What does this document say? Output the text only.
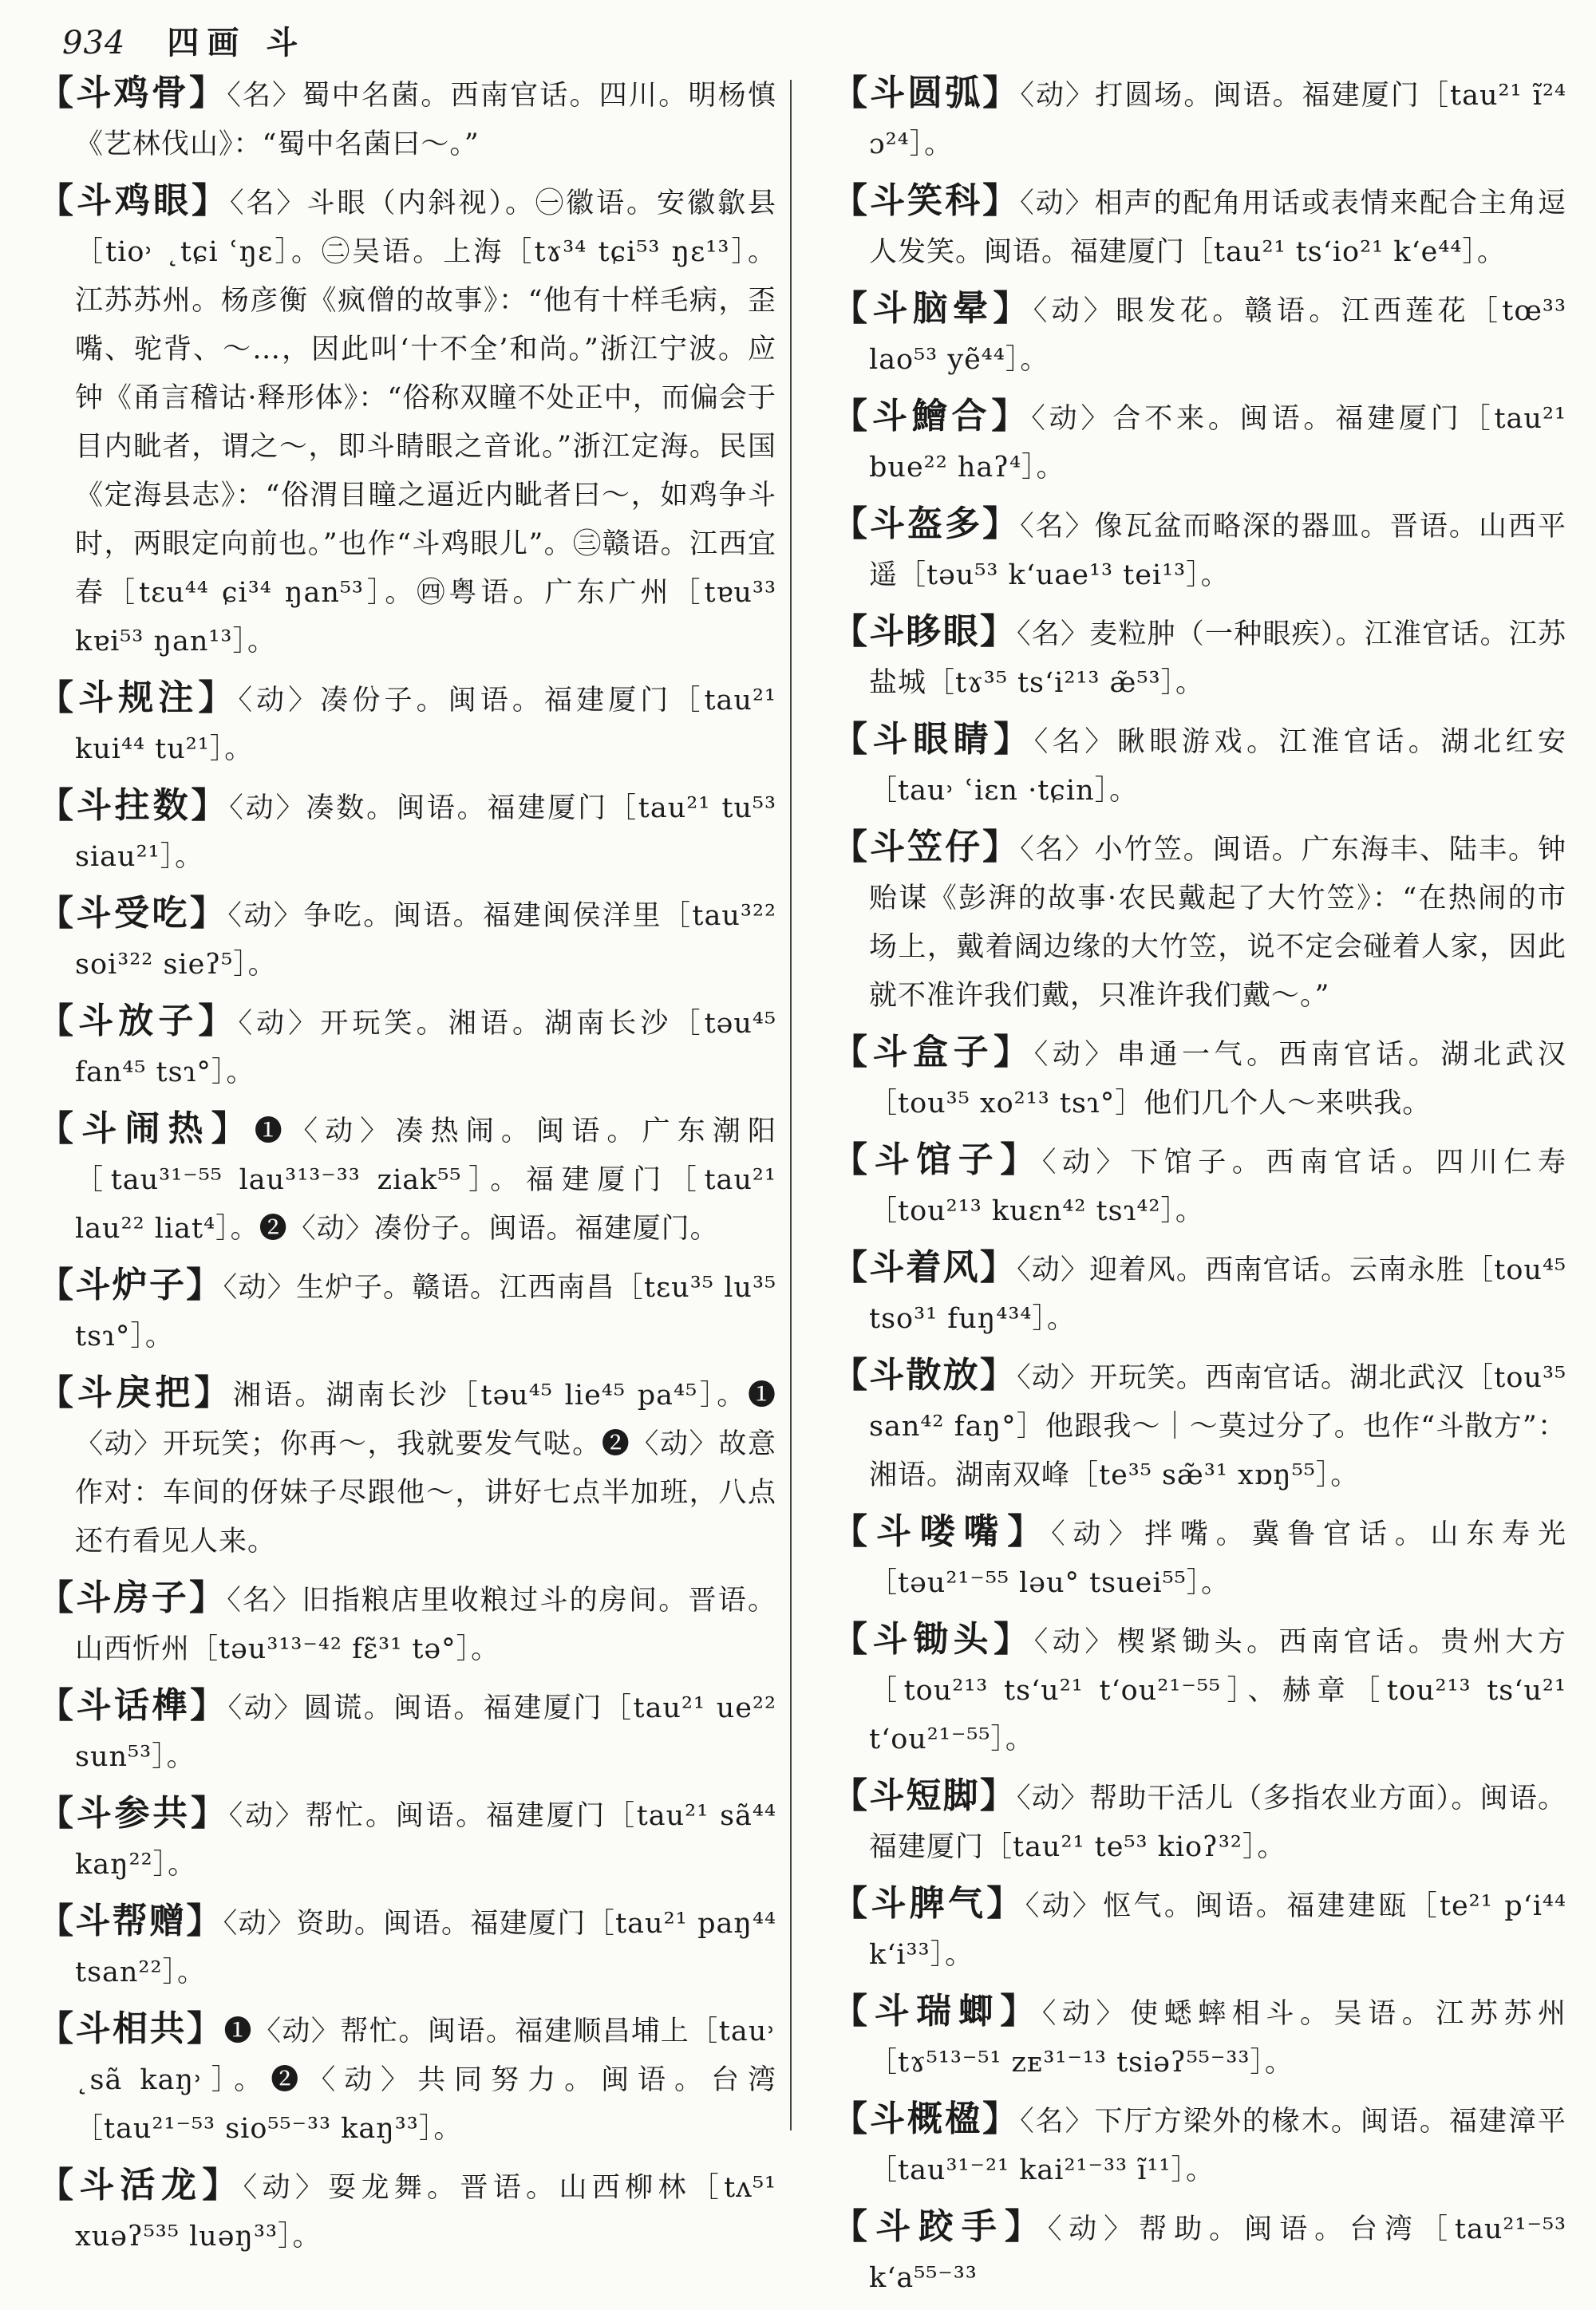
934 四画 斗

【斗鸡骨】〈名〉蜀中名菌。西南官话。四川。明杨慎《艺林伐山》：“蜀中名菌曰～。”

【斗鸡眼】〈名〉斗眼（内斜视）。㊀徽语。安徽歙县［tio˒ ˛tɕi ʿŋɛ］。㊁吴语。上海［tɤ³⁴ tɕi⁵³ ŋɛ¹³］。江苏苏州。杨彦衡《疯僧的故事》：“他有十样毛病，歪嘴、驼背、～…，因此叫‘十不全’和尚。”浙江宁波。应钟《甬言稽诂·释形体》：“俗称双瞳不处正中，而偏会于目内眦者，谓之～，即斗睛眼之音讹。”浙江定海。民国《定海县志》：“俗渭目瞳之逼近内眦者曰～，如鸡争斗时，两眼定向前也。”也作“斗鸡眼儿”。㊂赣语。江西宜春［tɛu⁴⁴ ɕi³⁴ ŋan⁵³］。㊃粤语。广东广州［tɐu³³ kɐi⁵³ ŋan¹³］。

【斗规注】〈动〉凑份子。闽语。福建厦门［tau²¹ kui⁴⁴ tu²¹］。

【斗拄数】〈动〉凑数。闽语。福建厦门［tau²¹ tu⁵³ siau²¹］。

【斗受吃】〈动〉争吃。闽语。福建闽侯洋里［tau³²² soi³²² sieʔ⁵］。

【斗放子】〈动〉开玩笑。湘语。湖南长沙［təu⁴⁵ fan⁴⁵ tsɿ°］。

【斗闹热】❶〈动〉凑热闹。闽语。广东潮阳［tau³¹⁻⁵⁵ lau³¹³⁻³³ ziak⁵⁵］。福建厦门［tau²¹ lau²² liat⁴］。❷〈动〉凑份子。闽语。福建厦门。

【斗炉子】〈动〉生炉子。赣语。江西南昌［tɛu³⁵ lu³⁵ tsɿ°］。

【斗戾把】湘语。湖南长沙［təu⁴⁵ lie⁴⁵ pa⁴⁵］。❶〈动〉开玩笑；你再～，我就要发气哒。❷〈动〉故意作对：车间的伢妹子尽跟他～，讲好七点半加班，八点还冇看见人来。

【斗房子】〈名〉旧指粮店里收粮过斗的房间。晋语。山西忻州［təu³¹³⁻⁴² fɛ̃³¹ tə°］。

【斗话榫】〈动〉圆谎。闽语。福建厦门［tau²¹ ue²² sun⁵³］。

【斗参共】〈动〉帮忙。闽语。福建厦门［tau²¹ sã⁴⁴ kaŋ²²］。

【斗帮赠】〈动〉资助。闽语。福建厦门［tau²¹ paŋ⁴⁴ tsan²²］。

【斗相共】❶〈动〉帮忙。闽语。福建顺昌埔上［tau˒ ˛sã kaŋ˒］。❷〈动〉共同努力。闽语。台湾［tau²¹⁻⁵³ sio⁵⁵⁻³³ kaŋ³³］。

【斗活龙】〈动〉耍龙舞。晋语。山西柳林［tʌ⁵¹ xuəʔ⁵³⁵ luəŋ³³］。

【斗圆弧】〈动〉打圆场。闽语。福建厦门［tau²¹ ĩ²⁴ ɔ²⁴］。

【斗笑科】〈动〉相声的配角用话或表情来配合主角逗人发笑。闽语。福建厦门［tau²¹ tsʻio²¹ kʻe⁴⁴］。

【斗脑晕】〈动〉眼发花。赣语。江西莲花［tœ³³ lao⁵³ yẽ⁴⁴］。

【斗鱠合】〈动〉合不来。闽语。福建厦门［tau²¹ bue²² haʔ⁴］。

【斗盔多】〈名〉像瓦盆而略深的器皿。晋语。山西平遥［təu⁵³ kʻuae¹³ tei¹³］。

【斗眵眼】〈名〉麦粒肿（一种眼疾）。江淮官话。江苏盐城［tɤ³⁵ tsʻi²¹³ æ̃⁵³］。

【斗眼睛】〈名〉瞅眼游戏。江淮官话。湖北红安［tau˒ ʿiɛn ·tɕin］。

【斗笠仔】〈名〉小竹笠。闽语。广东海丰、陆丰。钟贻谋《彭湃的故事·农民戴起了大竹笠》：“在热闹的市场上，戴着阔边缘的大竹笠，说不定会碰着人家，因此就不准许我们戴，只准许我们戴～。”

【斗盒子】〈动〉串通一气。西南官话。湖北武汉［tou³⁵ xo²¹³ tsɿ°］他们几个人～来哄我。

【斗馆子】〈动〉下馆子。西南官话。四川仁寿［tou²¹³ kuɛn⁴² tsɿ⁴²］。

【斗着风】〈动〉迎着风。西南官话。云南永胜［tou⁴⁵ tso³¹ fuŋ⁴³⁴］。

【斗散放】〈动〉开玩笑。西南官话。湖北武汉［tou³⁵ san⁴² faŋ°］他跟我～｜～莫过分了。也作“斗散方”：湘语。湖南双峰［te³⁵ sæ̃³¹ xɒŋ⁵⁵］。

【斗喽嘴】〈动〉拌嘴。冀鲁官话。山东寿光［təu²¹⁻⁵⁵ ləu° tsuei⁵⁵］。

【斗锄头】〈动〉楔紧锄头。西南官话。贵州大方［tou²¹³ tsʻu²¹ tʻou²¹⁻⁵⁵］、赫章［tou²¹³ tsʻu²¹ tʻou²¹⁻⁵⁵］。

【斗短脚】〈动〉帮助干活儿（多指农业方面）。闽语。福建厦门［tau²¹ te⁵³ kioʔ³²］。

【斗脾气】〈动〉怄气。闽语。福建建瓯［te²¹ pʻi⁴⁴ kʻi³³］。

【斗瑞蝍】〈动〉使蟋蟀相斗。吴语。江苏苏州［tɤ⁵¹³⁻⁵¹ zᴇ³¹⁻¹³ tsiəʔ⁵⁵⁻³³］。

【斗概楹】〈名〉下厅方梁外的椽木。闽语。福建漳平［tau³¹⁻²¹ kai²¹⁻³³ ĩ¹¹］。

【斗跤手】〈动〉帮助。闽语。台湾［tau²¹⁻⁵³ kʻa⁵⁵⁻³³
